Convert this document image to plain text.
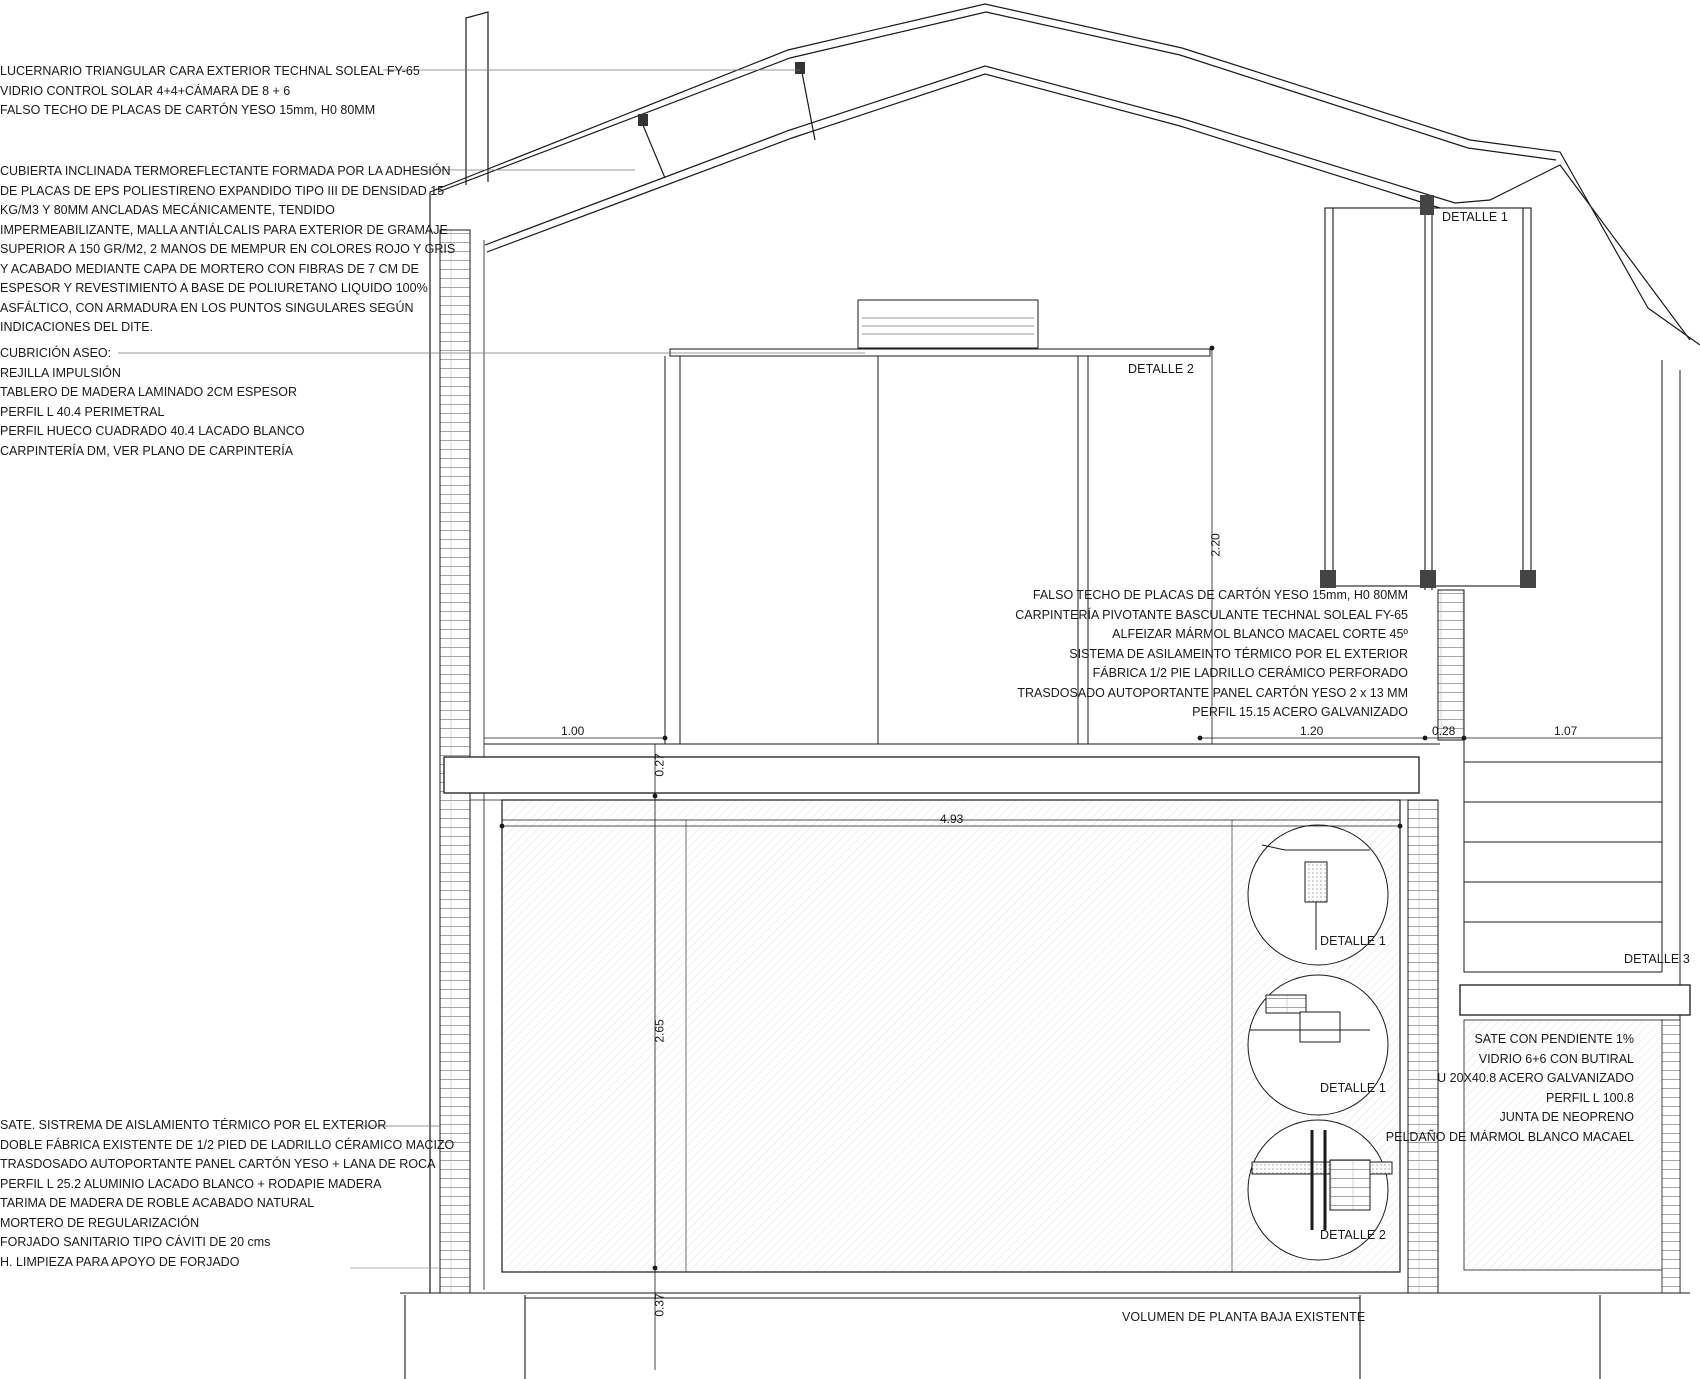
LUCERNARIO TRIANGULAR CARA EXTERIOR TECHNAL SOLEAL FY-65
VIDRIO CONTROL SOLAR 4+4+CÁMARA DE 8 + 6
FALSO TECHO DE PLACAS DE CARTÓN YESO 15mm, H0 80MM
CUBIERTA INCLINADA TERMOREFLECTANTE FORMADA POR LA ADHESIÓN
DE PLACAS DE EPS POLIESTIRENO EXPANDIDO TIPO III DE DENSIDAD 15
KG/M3 Y 80MM ANCLADAS MECÁNICAMENTE, TENDIDO
IMPERMEABILIZANTE, MALLA ANTIÁLCALIS PARA EXTERIOR DE GRAMAJE
SUPERIOR A 150 GR/M2, 2 MANOS DE MEMPUR EN COLORES ROJO Y GRIS
Y ACABADO MEDIANTE CAPA DE MORTERO CON FIBRAS DE 7 CM DE
ESPESOR Y REVESTIMIENTO A BASE DE POLIURETANO LIQUIDO 100%
ASFÁLTICO, CON ARMADURA EN LOS PUNTOS SINGULARES SEGÚN
INDICACIONES DEL DITE.
CUBRICIÓN ASEO:
REJILLA IMPULSIÓN
TABLERO DE MADERA LAMINADO 2CM ESPESOR
PERFIL L 40.4 PERIMETRAL
PERFIL HUECO CUADRADO 40.4 LACADO BLANCO
CARPINTERÍA DM, VER PLANO DE CARPINTERÍA
FALSO TECHO DE PLACAS DE CARTÓN YESO 15mm, H0 80MM
CARPINTERÍA PIVOTANTE BASCULANTE TECHNAL SOLEAL FY-65
ALFEIZAR MÁRMOL BLANCO MACAEL CORTE 45º
SISTEMA DE ASILAMEINTO TÉRMICO POR EL EXTERIOR
FÁBRICA 1/2 PIE LADRILLO CERÁMICO PERFORADO
TRASDOSADO AUTOPORTANTE PANEL CARTÓN YESO 2 x 13 MM
PERFIL 15.15 ACERO GALVANIZADO
SATE. SISTREMA DE AISLAMIENTO TÉRMICO POR EL EXTERIOR
DOBLE FÁBRICA EXISTENTE DE 1/2 PIED DE LADRILLO CÉRAMICO MACIZO
TRASDOSADO AUTOPORTANTE PANEL CARTÓN YESO + LANA DE ROCA
PERFIL L 25.2 ALUMINIO LACADO BLANCO + RODAPIE MADERA
TARIMA DE MADERA DE ROBLE ACABADO NATURAL
MORTERO DE REGULARIZACIÓN
FORJADO SANITARIO TIPO CÁVITI DE 20 cms
H. LIMPIEZA PARA APOYO DE FORJADO
SATE CON PENDIENTE 1%
VIDRIO 6+6 CON BUTIRAL
U 20X40.8 ACERO GALVANIZADO
PERFIL L 100.8
JUNTA DE NEOPRENO
PELDAÑO DE MÁRMOL BLANCO MACAEL
VOLUMEN DE PLANTA BAJA EXISTENTE
DETALLE 1
DETALLE 2
DETALLE 1
DETALLE 1
DETALLE 2
DETALLE 3
1.00	1.20	0.28	1.07
4.93
0.27
2.20
2.65
0.37
